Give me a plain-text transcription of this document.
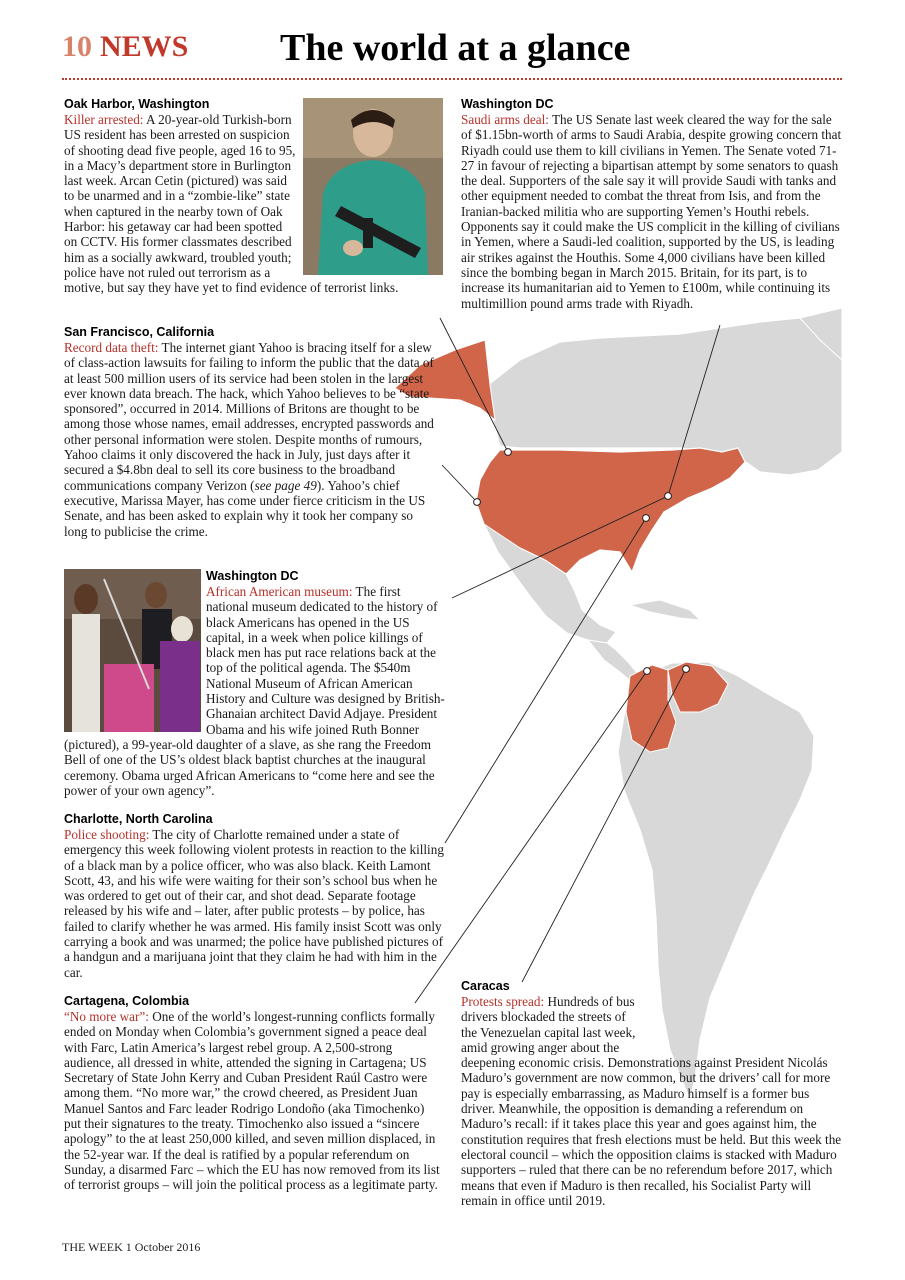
10 NEWS The world at a glance
Oak Harbor, Washington
Killer arrested: A 20-year-old Turkish-born US resident has been arrested on suspicion of shooting dead five people, aged 16 to 95, in a Macy’s department store in Burlington last week. Arcan Cetin (pictured) was said to be unarmed and in a “zombie-like” state when captured in the nearby town of Oak Harbor: his getaway car had been spotted on CCTV. His former classmates described him as a socially awkward, troubled youth; police have not ruled out terrorism as a motive, but say they have yet to find evidence of terrorist links.
Washington DC
Saudi arms deal: The US Senate last week cleared the way for the sale of $1.15bn-worth of arms to Saudi Arabia, despite growing concern that Riyadh could use them to kill civilians in Yemen. The Senate voted 71-27 in favour of rejecting a bipartisan attempt by some senators to quash the deal. Supporters of the sale say it will provide Saudi with tanks and other equipment needed to combat the threat from Isis, and from the Iranian-backed militia who are supporting Yemen’s Houthi rebels. Opponents say it could make the US complicit in the killing of civilians in Yemen, where a Saudi-led coalition, supported by the US, is leading air strikes against the Houthis. Some 4,000 civilians have been killed since the bombing began in March 2015. Britain, for its part, is to increase its humanitarian aid to Yemen to £100m, while continuing its multimillion pound arms trade with Riyadh.
San Francisco, California
Record data theft: The internet giant Yahoo is bracing itself for a slew of class-action lawsuits for failing to inform the public that the data of at least 500 million users of its service had been stolen in the largest ever known data breach. The hack, which Yahoo believes to be “state sponsored”, occurred in 2014. Millions of Britons are thought to be among those whose names, email addresses, encrypted passwords and other personal information were stolen. Despite months of rumours, Yahoo claims it only discovered the hack in July, just days after it secured a $4.8bn deal to sell its core business to the broadband communications company Verizon (see page 49). Yahoo’s chief executive, Marissa Mayer, has come under fierce criticism in the US Senate, and has been asked to explain why it took her company so long to publicise the crime.
Washington DC
African American museum: The first national museum dedicated to the history of black Americans has opened in the US capital, in a week when police killings of black men has put race relations back at the top of the political agenda. The $540m National Museum of African American History and Culture was designed by British-Ghanaian architect David Adjaye. President Obama and his wife joined Ruth Bonner (pictured), a 99-year-old daughter of a slave, as she rang the Freedom Bell of one of the US’s oldest black baptist churches at the inaugural ceremony. Obama urged African Americans to “come here and see the power of your own agency”.
Charlotte, North Carolina
Police shooting: The city of Charlotte remained under a state of emergency this week following violent protests in reaction to the killing of a black man by a police officer, who was also black. Keith Lamont Scott, 43, and his wife were waiting for their son’s school bus when he was ordered to get out of their car, and shot dead. Separate footage released by his wife and – later, after public protests – by police, has failed to clarify whether he was armed. His family insist Scott was only carrying a book and was unarmed; the police have published pictures of a handgun and a marijuana joint that they claim he had with him in the car.
Cartagena, Colombia
“No more war”: One of the world’s longest-running conflicts formally ended on Monday when Colombia’s government signed a peace deal with Farc, Latin America’s largest rebel group. A 2,500-strong audience, all dressed in white, attended the signing in Cartagena; US Secretary of State John Kerry and Cuban President Raúl Castro were among them. “No more war,” the crowd cheered, as President Juan Manuel Santos and Farc leader Rodrigo Londoño (aka Timochenko) put their signatures to the treaty. Timochenko also issued a “sincere apology” to the at least 250,000 killed, and seven million displaced, in the 52-year war. If the deal is ratified by a popular referendum on Sunday, a disarmed Farc – which the EU has now removed from its list of terrorist groups – will join the political process as a legitimate party.
Caracas
Protests spread: Hundreds of bus drivers blockaded the streets of the Venezuelan capital last week, amid growing anger about the deepening economic crisis. Demonstrations against President Nicolás Maduro’s government are now common, but the drivers’ call for more pay is especially embarrassing, as Maduro himself is a former bus driver. Meanwhile, the opposition is demanding a referendum on Maduro’s recall: if it takes place this year and goes against him, the constitution requires that fresh elections must be held. But this week the electoral council – which the opposition claims is stacked with Maduro supporters – ruled that there can be no referendum before 2017, which means that even if Maduro is then recalled, his Socialist Party will remain in office until 2019.
THE WEEK 1 October 2016
